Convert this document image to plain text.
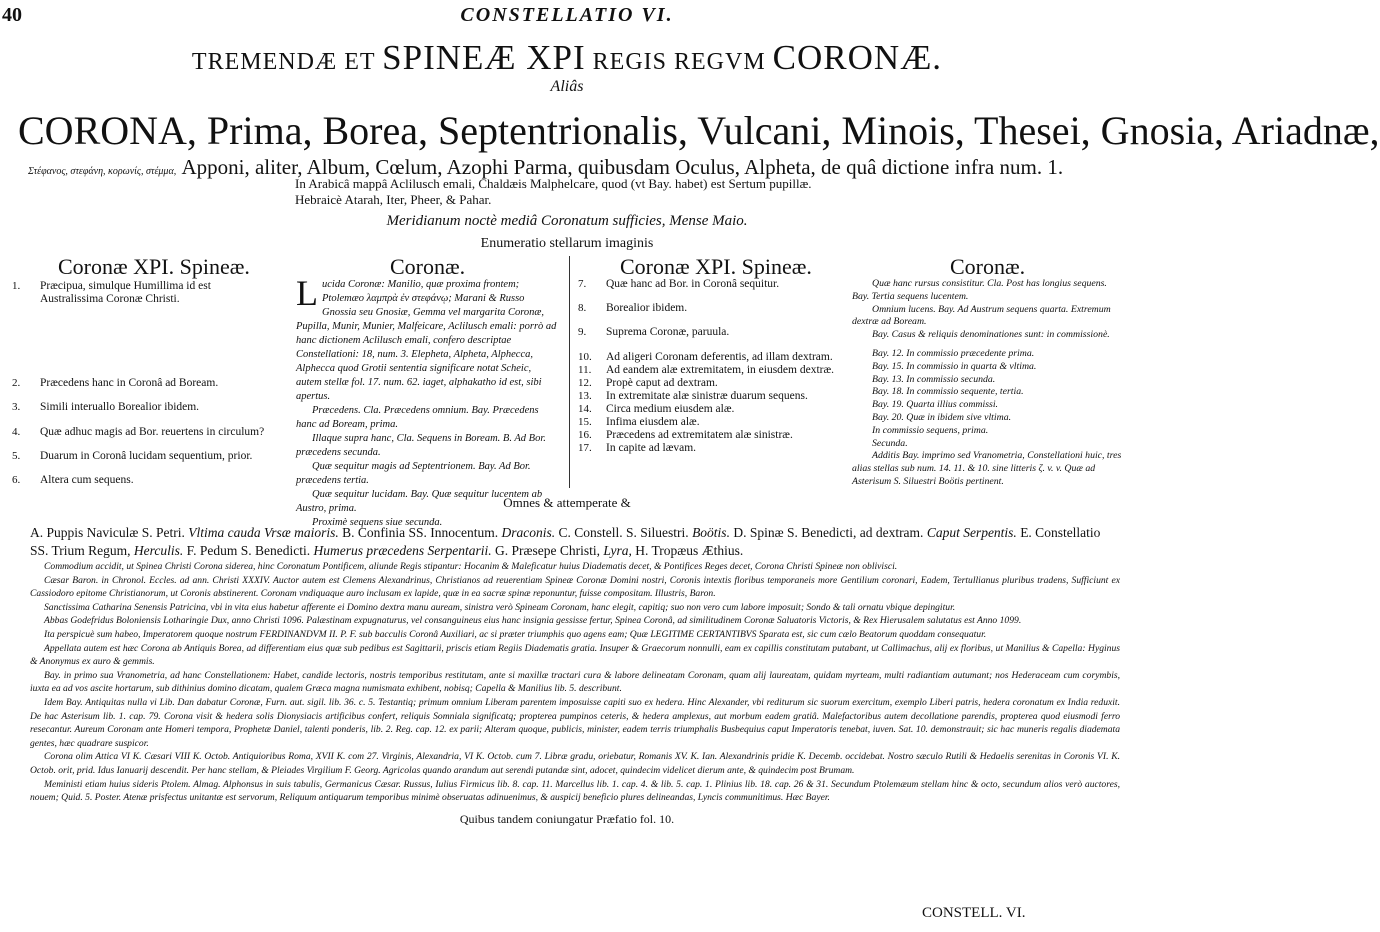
40	CONSTELLATIO VI.
TREMENDÆ ET SPINEÆ XPI REGIS REGVM CORONÆ.
Aliâs
CORONA, Prima, Borea, Septentrionalis, Vulcani, Minois, Thesei, Gnosia, Ariadnæ,
Στέφανος, στεφάνη, κορωνίς, στέμμα, Apponi, aliter, Album, Cœlum, Azophi Parma, quibusdam Oculus, Alpheta, de quâ dictione infra num. 1.
In Arabicâ mappâ Aclilusch emali, Chaldæis Malphelcare, quod (vt Bay. habet) est Sertum pupillæ.
Hebraicè Atarah, Iter, Pheer, & Pahar.
Meridianum noctè mediâ Coronatum sufficies, Mense Maio.
Enumeratio stellarum imaginis
Coronæ XPI. Spineæ.
1. Præcipua, simulque Humillima id est Australissima Coronæ Christi.
2. Præcedens hanc in Coronâ ad Boream.
3. Simili interuallo Borealior ibidem.
4. Quæ adhuc magis ad Bor. reuertens in circulum?
5. Duarum in Coronâ lucidam sequentium, prior.
6. Altera cum sequens.
Coronæ.
Lucida Coronæ: Manilio, quæ proxima frontem; Ptolemæo λαμπρὰ ἐν στεφάνῳ; Marani & Russo Gnossia seu Gnosiæ, Gemma vel margarita Coronæ, Pupilla, Munir, Munier, Malfeicare, Aclilusch emali: porrò ad hanc dictionem Aclilusch emali, confero descriptae Constellationi: 18, num. 3. Elepheta, Alpheta, Alphecca, Alphecca quod Grotii sententia significare notat Scheic, autem stellæ fol. 17. num. 62. iaget, alphakatho id est, sibi apertus.
Præcedens. Cla. Præcedens omnium. Bay. Præcedens hanc ad Boream, prima.
Illaque supra hanc, Cla. Sequens in Boream. B. Ad Bor. præcedens secunda.
Quæ sequitur magis ad Septentrionem. Bay. Ad Bor. præcedens tertia.
Quæ sequitur lucidam. Bay. Quæ sequitur lucentem ab Austro, prima.
Proximè sequens siue secunda.
Coronæ XPI. Spineæ.
7. Quæ hanc ad Bor. in Coronâ sequitur.
8. Borealior ibidem.
9. Suprema Coronæ, paruula.
10. Ad aligeri Coronam deferentis, ad illam dextram.
11. Ad eandem alæ extremitatem, in eiusdem dextræ.
12. Propè caput ad dextram.
13. In extremitate alæ sinistræ duarum sequens.
14. Circa medium eiusdem alæ.
15. Infima eiusdem alæ.
16. Præcedens ad extremitatem alæ sinistræ.
17. In capite ad lævam.
Coronæ.
Quæ hanc rursus consistitur. Cla. Post has longius sequens. Bay. Tertia sequens lucentem.
Omnium lucens. Bay. Ad Austrum sequens quarta. Extremum dextræ ad Boream.
Bay. Casus & reliquis denominationes sunt: in commissionè.
Bay. 12. In commissio præcedente prima.
Bay. 15. In commissio in quarta & vltima.
Bay. 13. In commissio secunda.
Bay. 18. In commissio sequente, tertia.
Bay. 19. Quarta illius commissi.
Bay. 20. Quæ in ibidem sive vltima.
In commissio sequens, prima.
Secunda.
Additis Bay. imprimo sed Vranometria, Constellationi huic, tres alias stellas sub num. 14. 11. & 10. sine litteris ζ. v. v. Quæ ad Asterisum S. Siluestri Boötis pertinent.
Omnes & attemperate &
A. Puppis Naviculæ S. Petri. Vltima cauda Vrsæ maioris. B. Confinia SS. Innocentum. Draconis. C. Constell. S. Siluestri. Boötis. D. Spinæ S. Benedicti, ad dextram. Caput Serpentis. E. Constellatio SS. Trium Regum, Herculis. F. Pedum S. Benedicti. Humerus præcedens Serpentarii. G. Præsepe Christi, Lyra, H. Tropæus Æthius.

Commodium accidit, ut Spinea Christi Corona siderea, hinc Coronatum Pontificem, aliunde Regis stipantur: Hocanim & Maleficatur huius Diadematis decet, & Pontifices Reges decet, Corona Christi Spineæ non oblivisci.

Cæsar Baron. in Chronol. Eccles. ad ann. Christi XXXIV. Auctor autem est Clemens Alexandrinus, Christianos ad reuerentiam Spineæ Coronæ Domini nostri, Coronis intextis floribus temporaneis more Gentilium coronari, Eadem, Tertullianus pluribus tradens, Sufficiunt ex Cassiodoro epitome Christianorum, ut Coronis abstinerent. Coronam vndiquaque auro inclusam ex lapide, quæ in ea sacræ spinæ reponuntur, fuisse compositam. Illustris, Baron.

Sanctissima Catharina Senensis Patricina, vbi in vita eius habetur afferente ei Domino dextra manu auream, sinistra verò Spineam Coronam, hanc elegit, capitiq; suo non vero cum labore imposuit; Sondo & tali ornatu vbique depingitur.

Abbas Godefridus Boloniensis Lotharingie Dux, anno Christi 1096. Palæstinam expugnaturus, vel consanguineus eius hanc insignia gessisse fertur, Spinea Coronâ, ad similitudinem Coronæ Saluatoris Victoris, & Rex Hierusalem salutatus est Anno 1099.

Ita perspicuè sum habeo, Imperatorem quoque nostrum FERDINANDVM II. P. F. sub bacculis Coronâ Auxiliari, ac si præter triumphis quo agens eam; Quæ LEGITIME CERTANTIBVS Sparata est, sic cum cælo Beatorum quoddam consequatur.

Appellata autem est hæc Corona ab Antiquis Borea, ad differentiam eius quæ sub pedibus est Sagittarii, priscis etiam Regiis Diadematis gratia. Insuper & Graecorum nonnulli, eam ex capillis constitutam putabant, ut Callimachus, alij ex floribus, ut Manilius & Capella: Hyginus & Anonymus ex auro & gemmis.

Bay. in primo sua Vranometria, ad hanc Constellationem: Habet, candide lectoris, nostris temporibus restitutam, ante si maxillæ tractari cura & labore delineatam Coronam, quam alij laureatam, quidam myrteam, multi radiantiam autumant; nos Hederaceam cum corymbis, iuxta ea ad vos ascite hortarum, sub dithinius domino dicatam, qualem Græca magna numismata exhibent, nobisq; Capella & Manilius lib. 5. describunt.

Idem Bay. Antiquitas nulla vi Lib. Dan dabatur Coronæ, Furn. aut. sigil. lib. 36. c. 5. Testantiq; primum omnium Liberam parentem imposuisse capiti suo ex hedera. Hinc Alexander, vbi rediturum sic suorum exercitum, exemplo Liberi patris, hedera coronatum ex India reduxit. De hac Asterisum lib. 1. cap. 79. Corona visit & hedera solis Dionysiacis artificibus confert, reliquis Somniala significatq; propterea pumpinos ceteris, & hedera amplexus, aut morbum eadem gratiâ. Malefactoribus autem decollatione parendis, propterea quod eiusmodi ferro resecantur. Aureum Coronam ante Homeri tempora, Prophetæ Daniel, talenti ponderis, lib. 2. Reg. cap. 12. ex parii; Alteram quoque, publicis, minister, eadem terris triumphalis Busbequius caput Imperatoris tenebat, iuven. Sat. 10. demonstrauit; sic hac muneris regalis diademata gentes, hæc quadrare suspicor.

Corona olim Attica VI K. Cæsari VIII K. Octob. Antiquioribus Roma, XVII K. com 27. Virginis, Alexandria, VI K. Octob. cum 7. Libræ gradu, oriebatur, Romanis XV. K. Ian. Alexandrinis pridie K. Decemb. occidebat. Nostro sæculo Rutili & Hedaelis serenitas in Coronis VI. K. Octob. orit, prid. Idus Ianuarij descendit. Per hanc stellam, & Pleiades Virgilium F. Georg. Agricolas quando arandum aut serendi putandæ sint, adocet, quindecim videlicet dierum ante, & quindecim post Brumam.

Meministi etiam huius sideris Ptolem. Almag. Alphonsus in suis tabulis, Germanicus Cæsar. Russus, Iulius Firmicus lib. 8. cap. 11. Marcellus lib. 1. cap. 4. & lib. 5. cap. 1. Plinius lib. 18. cap. 26 & 31. Secundum Ptolemæum stellam hinc & octo, secundum alios verò auctores, nouem; Quid. 5. Poster. Atenæ prisfectus unitantæ est servorum, Reliquum antiquarum temporibus minimè obseruatas adinuenimus, & auspicij beneficio plures delineandas, Lyncis communitimus. Hæc Bayer.

Quibus tandem coniungatur Præfatio fol. 10.
CONSTELL. VI.
